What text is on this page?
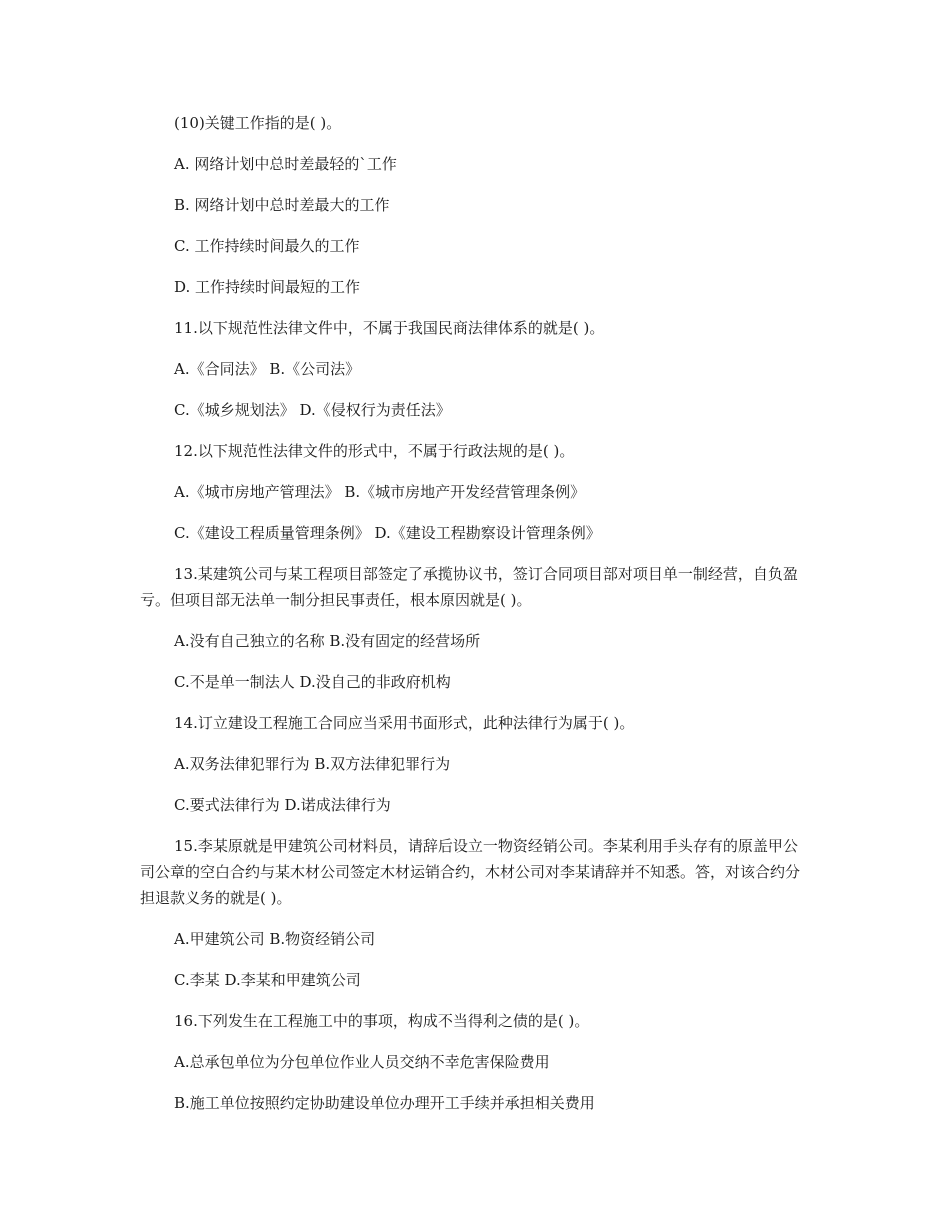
(10)关键工作指的是( )。
A. 网络计划中总时差最轻的`工作
B. 网络计划中总时差最大的工作
C. 工作持续时间最久的工作
D. 工作持续时间最短的工作
11.以下规范性法律文件中，不属于我国民商法律体系的就是( )。
A.《合同法》 B.《公司法》
C.《城乡规划法》 D.《侵权行为责任法》
12.以下规范性法律文件的形式中，不属于行政法规的是( )。
A.《城市房地产管理法》 B.《城市房地产开发经营管理条例》
C.《建设工程质量管理条例》 D.《建设工程勘察设计管理条例》
13.某建筑公司与某工程项目部签定了承揽协议书，签订合同项目部对项目单一制经营，自负盈亏。但项目部无法单一制分担民事责任，根本原因就是( )。
A.没有自己独立的名称 B.没有固定的经营场所
C.不是单一制法人 D.没自己的非政府机构
14.订立建设工程施工合同应当采用书面形式，此种法律行为属于( )。
A.双务法律犯罪行为 B.双方法律犯罪行为
C.要式法律行为 D.诺成法律行为
15.李某原就是甲建筑公司材料员，请辞后设立一物资经销公司。李某利用手头存有的原盖甲公司公章的空白合约与某木材公司签定木材运销合约，木材公司对李某请辞并不知悉。答，对该合约分担退款义务的就是( )。
A.甲建筑公司 B.物资经销公司
C.李某 D.李某和甲建筑公司
16.下列发生在工程施工中的事项，构成不当得利之债的是( )。
A.总承包单位为分包单位作业人员交纳不幸危害保险费用
B.施工单位按照约定协助建设单位办理开工手续并承担相关费用
